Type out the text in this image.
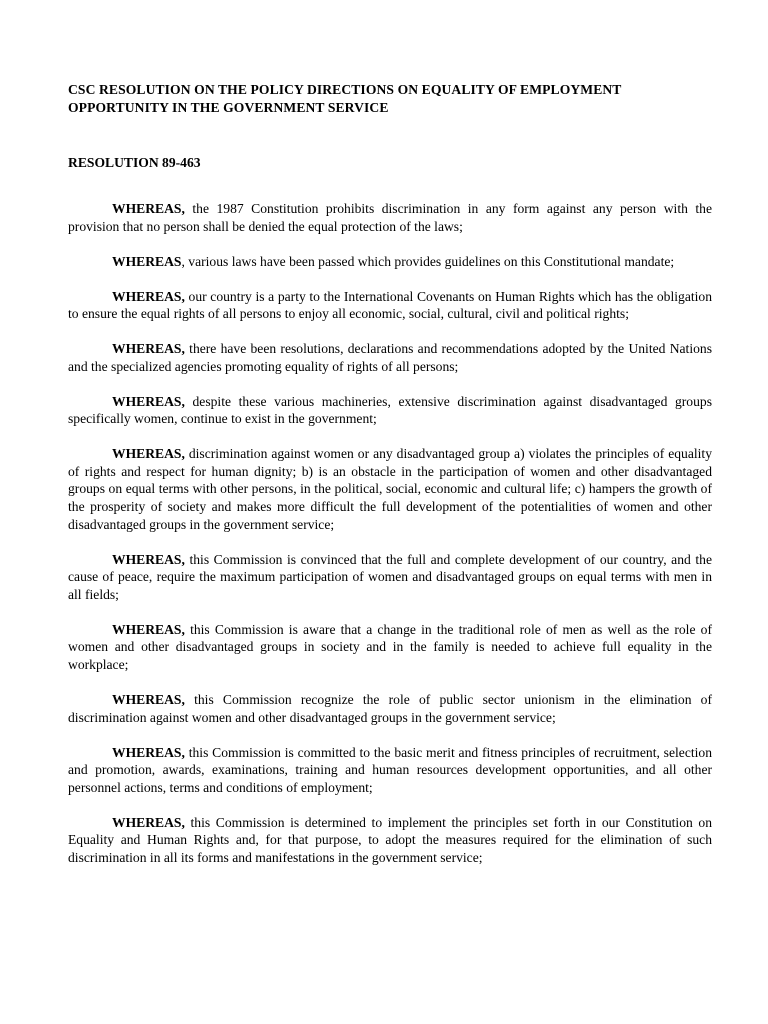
CSC RESOLUTION ON THE POLICY DIRECTIONS ON EQUALITY OF EMPLOYMENT OPPORTUNITY IN THE GOVERNMENT SERVICE
RESOLUTION 89-463

WHEREAS, the 1987 Constitution prohibits discrimination in any form against any person with the provision that no person shall be denied the equal protection of the laws;

WHEREAS, various laws have been passed which provides guidelines on this Constitutional mandate;

WHEREAS, our country is a party to the International Covenants on Human Rights which has the obligation to ensure the equal rights of all persons to enjoy all economic, social, cultural, civil and political rights;

WHEREAS, there have been resolutions, declarations and recommendations adopted by the United Nations and the specialized agencies promoting equality of rights of all persons;

WHEREAS, despite these various machineries, extensive discrimination against disadvantaged groups specifically women, continue to exist in the government;

WHEREAS, discrimination against women or any disadvantaged group a) violates the principles of equality of rights and respect for human dignity; b) is an obstacle in the participation of women and other disadvantaged groups on equal terms with other persons, in the political, social, economic and cultural life; c) hampers the growth of the prosperity of society and makes more difficult the full development of the potentialities of women and other disadvantaged groups in the government service;

WHEREAS, this Commission is convinced that the full and complete development of our country, and the cause of peace, require the maximum participation of women and disadvantaged groups on equal terms with men in all fields;

WHEREAS, this Commission is aware that a change in the traditional role of men as well as the role of women and other disadvantaged groups in society and in the family is needed to achieve full equality in the workplace;

WHEREAS, this Commission recognize the role of public sector unionism in the elimination of discrimination against women and other disadvantaged groups in the government service;

WHEREAS, this Commission is committed to the basic merit and fitness principles of recruitment, selection and promotion, awards, examinations, training and human resources development opportunities, and all other personnel actions, terms and conditions of employment;

WHEREAS, this Commission is determined to implement the principles set forth in our Constitution on Equality and Human Rights and, for that purpose, to adopt the measures required for the elimination of such discrimination in all its forms and manifestations in the government service;
